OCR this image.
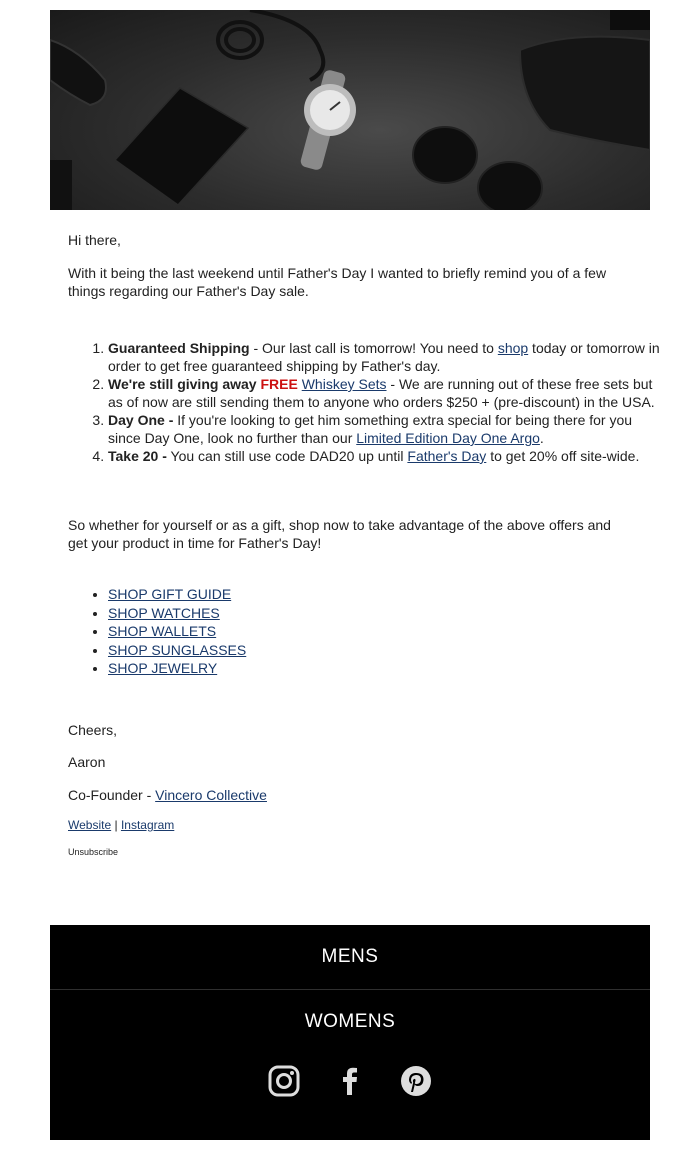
Hi there,

With it being the last weekend until Father's Day I wanted to briefly remind you of a few things regarding our Father's Day sale.

1. Guaranteed Shipping - Our last call is tomorrow! You need to shop today or tomorrow in order to get free guaranteed shipping by Father's day.
2. We're still giving away FREE Whiskey Sets - We are running out of these free sets but as of now are still sending them to anyone who orders $250 + (pre-discount) in the USA.
3. Day One - If you're looking to get him something extra special for being there for you since Day One, look no further than our Limited Edition Day One Argo.
4. Take 20 - You can still use code DAD20 up until Father's Day to get 20% off site-wide.

So whether for yourself or as a gift, shop now to take advantage of the above offers and get your product in time for Father's Day!

• SHOP GIFT GUIDE
• SHOP WATCHES
• SHOP WALLETS
• SHOP SUNGLASSES
• SHOP JEWELRY

Cheers,

Aaron

Co-Founder - Vincero Collective

Website | Instagram

Unsubscribe

MENS
WOMENS
